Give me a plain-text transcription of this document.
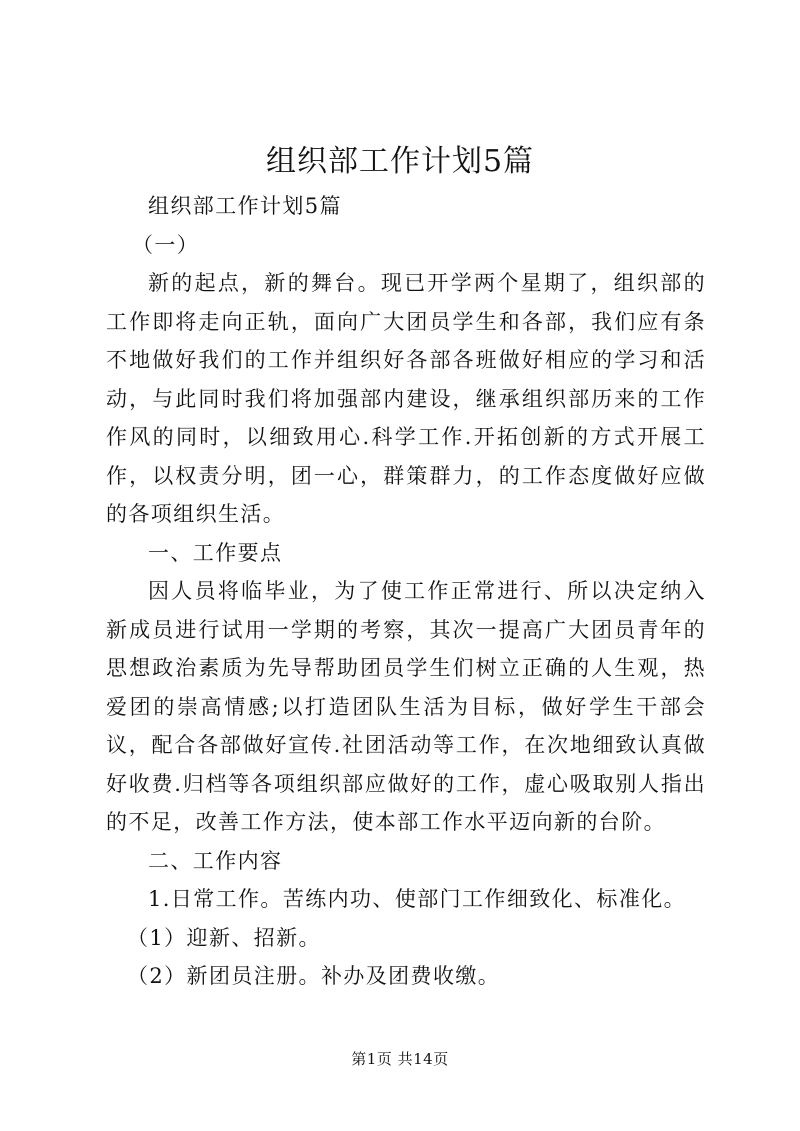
组织部工作计划5篇

组织部工作计划5篇

（一）

新的起点，新的舞台。现已开学两个星期了，组织部的工作即将走向正轨，面向广大团员学生和各部，我们应有条不地做好我们的工作并组织好各部各班做好相应的学习和活动，与此同时我们将加强部内建设，继承组织部历来的工作作风的同时，以细致用心.科学工作.开拓创新的方式开展工作，以权责分明，团一心，群策群力，的工作态度做好应做的各项组织生活。

一、工作要点

因人员将临毕业，为了使工作正常进行、所以决定纳入新成员进行试用一学期的考察，其次一提高广大团员青年的思想政治素质为先导帮助团员学生们树立正确的人生观，热爱团的崇高情感;以打造团队生活为目标，做好学生干部会议，配合各部做好宣传.社团活动等工作，在次地细致认真做好收费.归档等各项组织部应做好的工作，虚心吸取别人指出的不足，改善工作方法，使本部工作水平迈向新的台阶。

二、工作内容

1.日常工作。苦练内功、使部门工作细致化、标准化。

（1）迎新、招新。

（2）新团员注册。补办及团费收缴。

第1页 共14页
